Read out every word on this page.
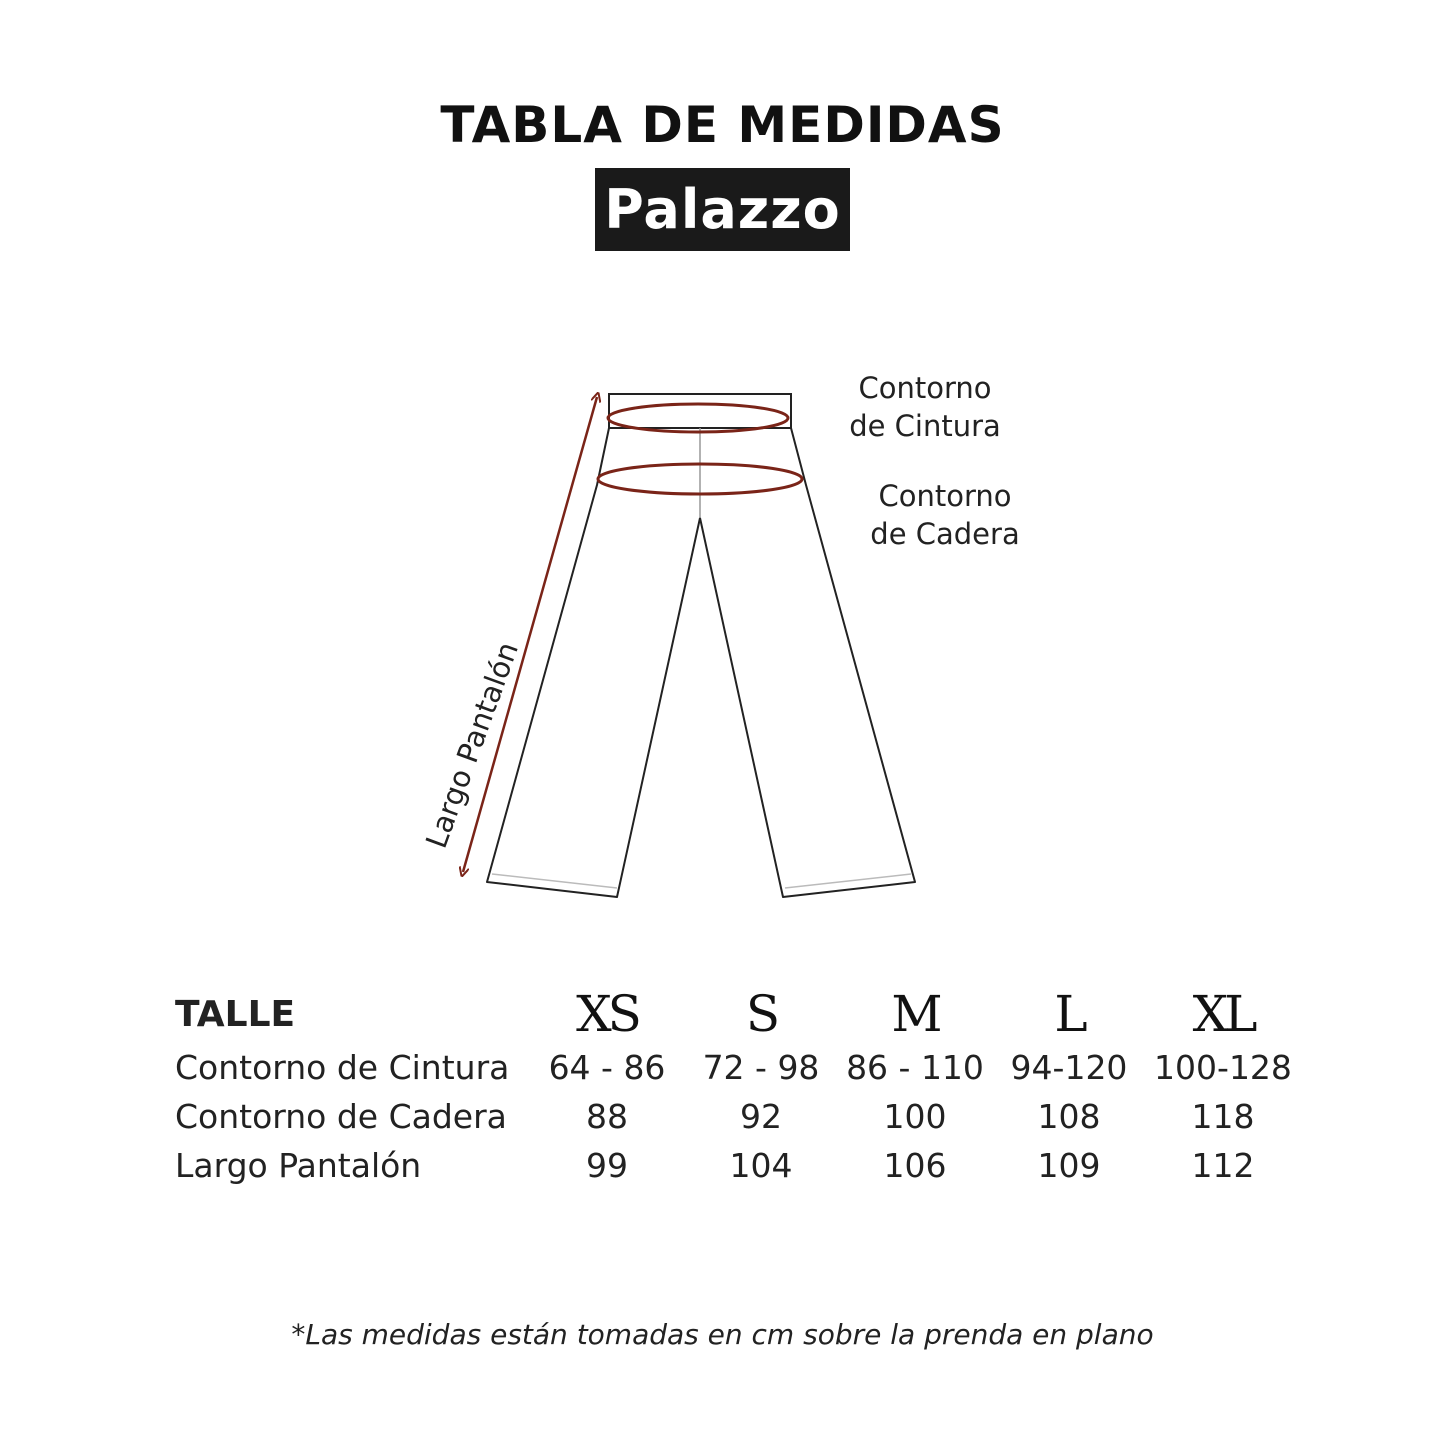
TABLA DE MEDIDAS
Palazzo
Contorno
de Cintura
Contorno
de Cadera
Largo Pantalón
TALLE	XS	S	M	L	XL
Contorno de Cintura	64 - 86	72 - 98	86 - 110	94-120	100-128
Contorno de Cadera	88	92	100	108	118
Largo Pantalón	99	104	106	109	112
*Las medidas están tomadas en cm sobre la prenda en plano
